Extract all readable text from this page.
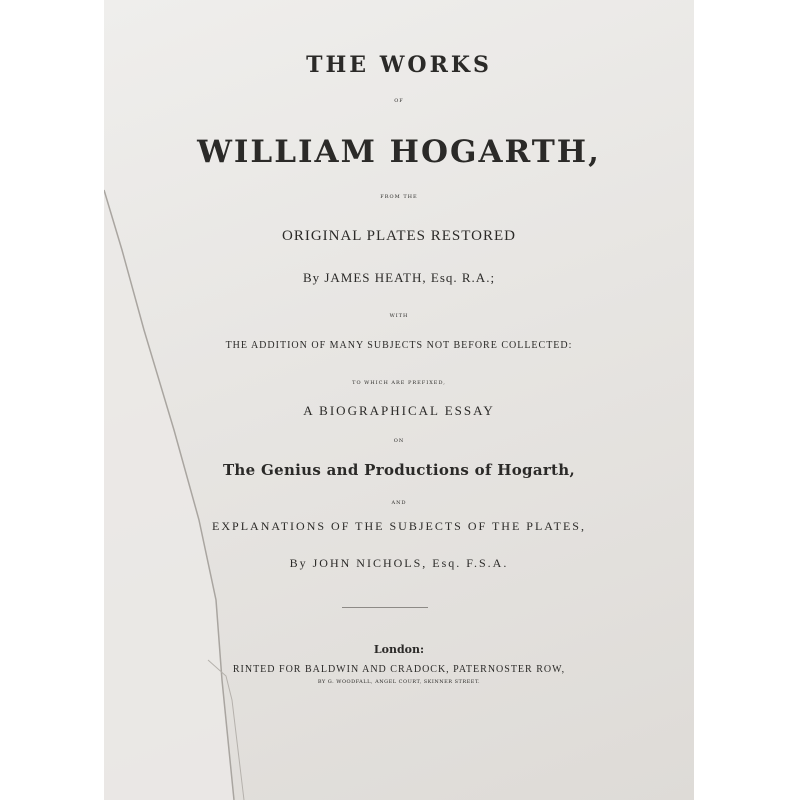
THE WORKS
OF
WILLIAM HOGARTH,
FROM THE
ORIGINAL PLATES RESTORED
By JAMES HEATH, Esq. R.A.;
WITH
THE ADDITION OF MANY SUBJECTS NOT BEFORE COLLECTED:
TO WHICH ARE PREFIXED,
A BIOGRAPHICAL ESSAY
ON
The Genius and Productions of Hogarth,
AND
EXPLANATIONS OF THE SUBJECTS OF THE PLATES,
By JOHN NICHOLS, Esq. F.S.A.
London:
RINTED FOR BALDWIN AND CRADOCK, PATERNOSTER ROW,
BY G. WOODFALL, ANGEL COURT, SKINNER STREET.
